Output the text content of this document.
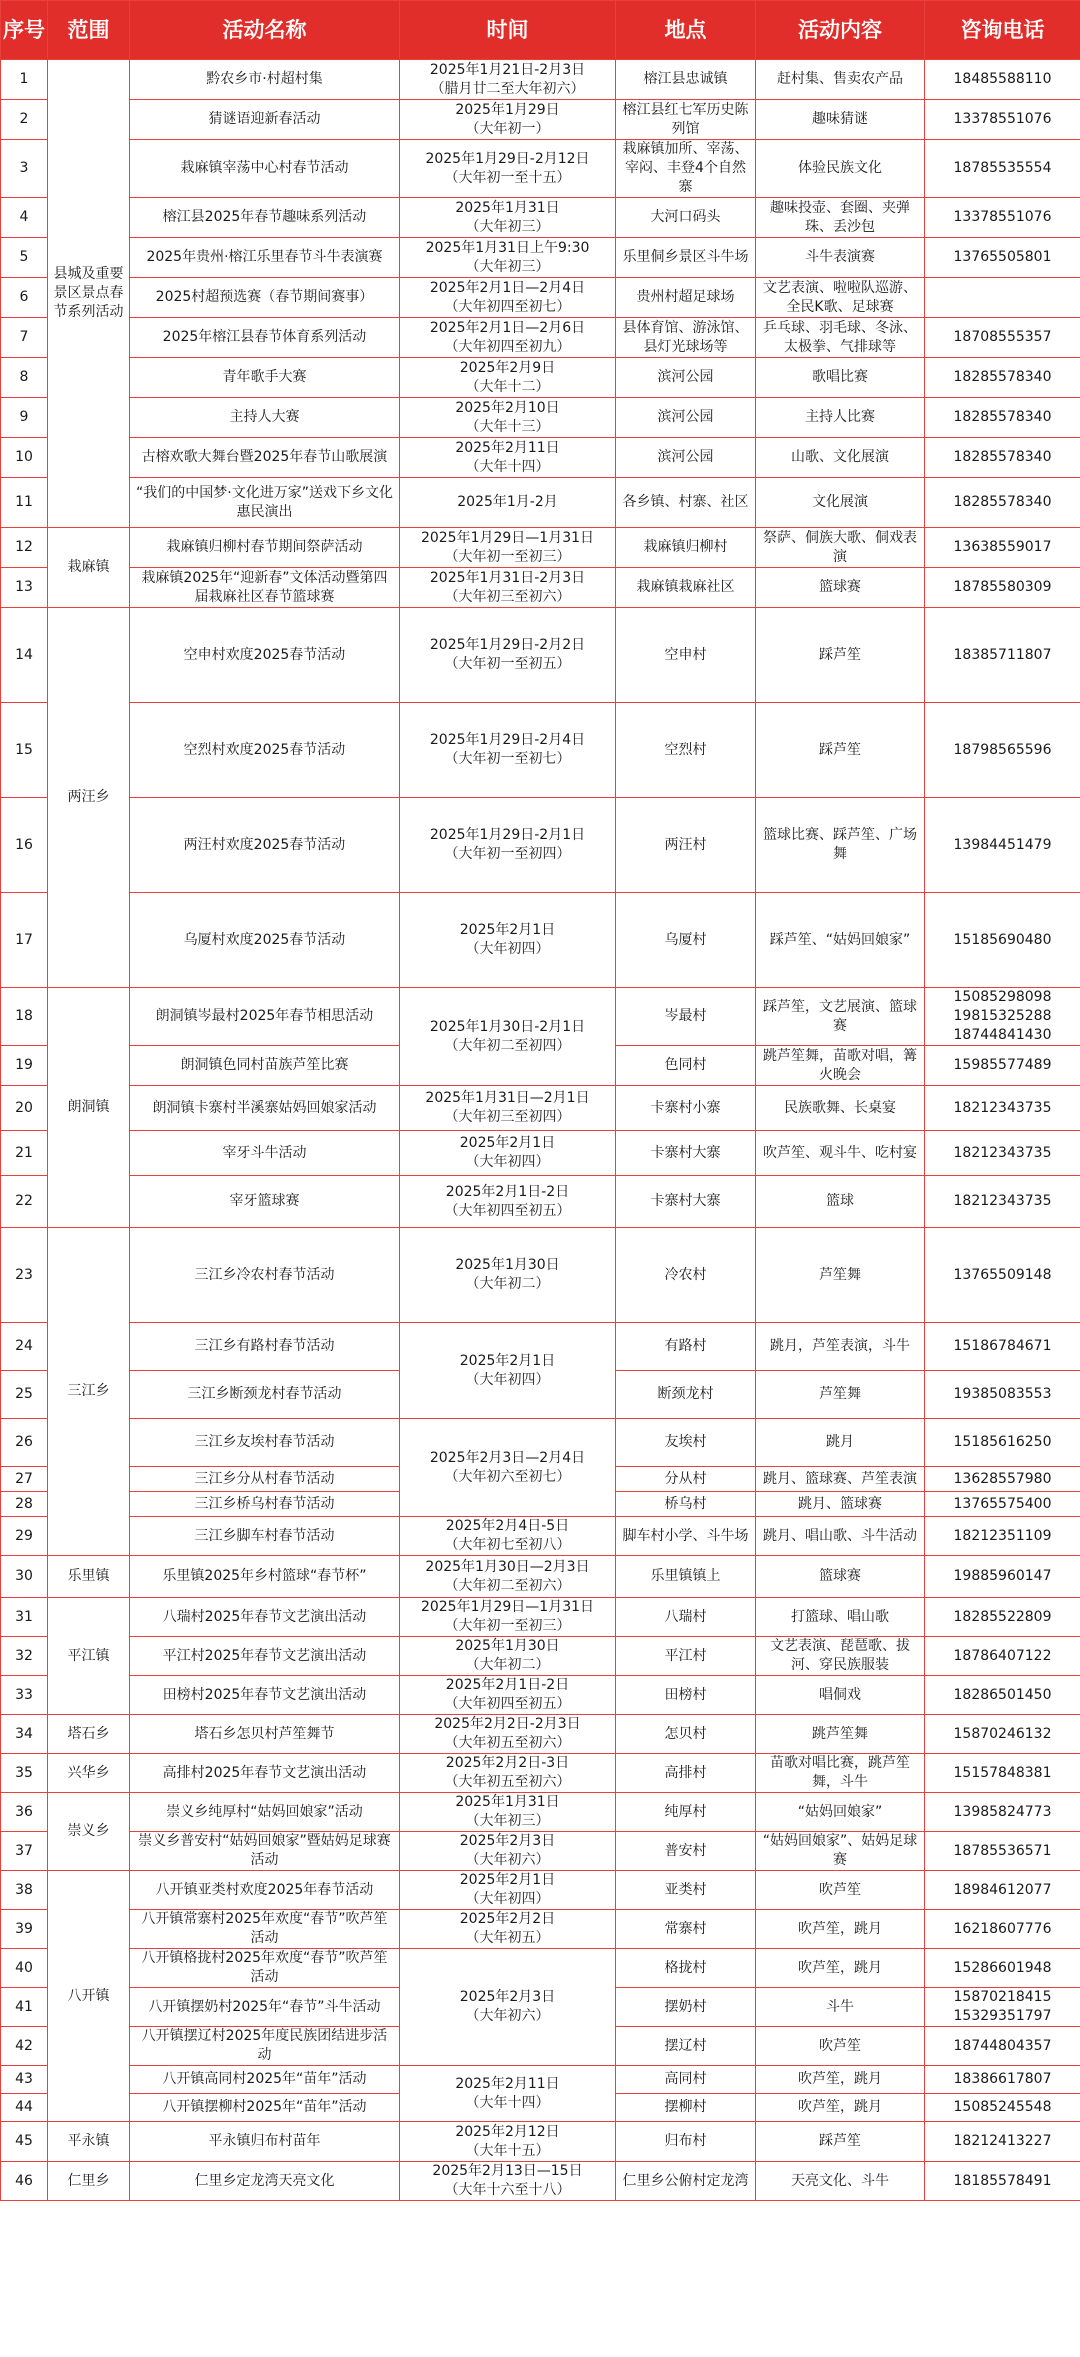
序号	范围	活动名称	时间	地点	活动内容	咨询电话
1	县城及重要景区景点春节系列活动	黔农乡市·村超村集	2025年1月21日-2月3日
（腊月廿二至大年初六）	榕江县忠诚镇	赶村集、售卖农产品	18485588110
2		猜谜语迎新春活动	2025年1月29日
（大年初一）	榕江县红七军历史陈列馆	趣味猜谜	13378551076
3		栽麻镇宰荡中心村春节活动	2025年1月29日-2月12日
（大年初一至十五）	栽麻镇加所、宰荡、宰闷、丰登4个自然寨	体验民族文化	18785535554
4		榕江县2025年春节趣味系列活动	2025年1月31日
（大年初三）	大河口码头	趣味投壶、套圈、夹弹珠、丢沙包	13378551076
5		2025年贵州·榕江乐里春节斗牛表演赛	2025年1月31日上午9:30
（大年初三）	乐里侗乡景区斗牛场	斗牛表演赛	13765505801
6		2025村超预选赛（春节期间赛事）	2025年2月1日—2月4日
（大年初四至初七）	贵州村超足球场	文艺表演、啦啦队巡游、全民K歌、足球赛	
7		2025年榕江县春节体育系列活动	2025年2月1日—2月6日
（大年初四至初九）	县体育馆、游泳馆、县灯光球场等	乒乓球、羽毛球、冬泳、太极拳、气排球等	18708555357
8		青年歌手大赛	2025年2月9日
（大年十二）	滨河公园	歌唱比赛	18285578340
9		主持人大赛	2025年2月10日
（大年十三）	滨河公园	主持人比赛	18285578340
10		古榕欢歌大舞台暨2025年春节山歌展演	2025年2月11日
（大年十四）	滨河公园	山歌、文化展演	18285578340
11		“我们的中国梦·文化进万家”送戏下乡文化惠民演出	2025年1月-2月	各乡镇、村寨、社区	文化展演	18285578340
12	栽麻镇	栽麻镇归柳村春节期间祭萨活动	2025年1月29日—1月31日
（大年初一至初三）	栽麻镇归柳村	祭萨、侗族大歌、侗戏表演	13638559017
13		栽麻镇2025年“迎新春”文体活动暨第四届栽麻社区春节篮球赛	2025年1月31日-2月3日
（大年初三至初六）	栽麻镇栽麻社区	篮球赛	18785580309
14	两汪乡	空申村欢度2025春节活动	2025年1月29日-2月2日
（大年初一至初五）	空申村	踩芦笙	18385711807
15		空烈村欢度2025春节活动	2025年1月29日-2月4日
（大年初一至初七）	空烈村	踩芦笙	18798565596
16		两汪村欢度2025春节活动	2025年1月29日-2月1日
（大年初一至初四）	两汪村	篮球比赛、踩芦笙、广场舞	13984451479
17		乌厦村欢度2025春节活动	2025年2月1日
（大年初四）	乌厦村	踩芦笙、“姑妈回娘家”	15185690480
18	朗洞镇	朗洞镇岑最村2025年春节相思活动	2025年1月30日-2月1日
（大年初二至初四）	岑最村	踩芦笙，文艺展演、篮球赛	15085298098
19815325288
18744841430
19		朗洞镇色同村苗族芦笙比赛		色同村	跳芦笙舞，苗歌对唱，篝火晚会	15985577489
20		朗洞镇卡寨村半溪寨姑妈回娘家活动	2025年1月31日—2月1日
（大年初三至初四）	卡寨村小寨	民族歌舞、长桌宴	18212343735
21		宰牙斗牛活动	2025年2月1日
（大年初四）	卡寨村大寨	吹芦笙、观斗牛、吃村宴	18212343735
22		宰牙篮球赛	2025年2月1日-2日
（大年初四至初五）	卡寨村大寨	篮球	18212343735
23	三江乡	三江乡冷农村春节活动	2025年1月30日
（大年初二）	冷农村	芦笙舞	13765509148
24		三江乡有路村春节活动	2025年2月1日
（大年初四）	有路村	跳月，芦笙表演，斗牛	15186784671
25		三江乡断颈龙村春节活动		断颈龙村	芦笙舞	19385083553
26		三江乡友埃村春节活动	2025年2月3日—2月4日
（大年初六至初七）	友埃村	跳月	15185616250
27		三江乡分从村春节活动		分从村	跳月、篮球赛、芦笙表演	13628557980
28		三江乡桥乌村春节活动		桥乌村	跳月、篮球赛	13765575400
29		三江乡脚车村春节活动	2025年2月4日-5日
（大年初七至初八）	脚车村小学、斗牛场	跳月、唱山歌、斗牛活动	18212351109
30	乐里镇	乐里镇2025年乡村篮球“春节杯”	2025年1月30日—2月3日
（大年初二至初六）	乐里镇镇上	篮球赛	19885960147
31	平江镇	八瑞村2025年春节文艺演出活动	2025年1月29日—1月31日
（大年初一至初三）	八瑞村	打篮球、唱山歌	18285522809
32		平江村2025年春节文艺演出活动	2025年1月30日
（大年初二）	平江村	文艺表演、琵琶歌、拔河、穿民族服装	18786407122
33		田榜村2025年春节文艺演出活动	2025年2月1日-2日
（大年初四至初五）	田榜村	唱侗戏	18286501450
34	塔石乡	塔石乡怎贝村芦笙舞节	2025年2月2日-2月3日
（大年初五至初六）	怎贝村	跳芦笙舞	15870246132
35	兴华乡	高排村2025年春节文艺演出活动	2025年2月2日-3日
（大年初五至初六）	高排村	苗歌对唱比赛，跳芦笙舞，斗牛	15157848381
36	崇义乡	崇义乡纯厚村“姑妈回娘家”活动	2025年1月31日
（大年初三）	纯厚村	“姑妈回娘家”	13985824773
37		崇义乡普安村“姑妈回娘家”暨姑妈足球赛活动	2025年2月3日
（大年初六）	普安村	“姑妈回娘家”、姑妈足球赛	18785536571
38	八开镇	八开镇亚类村欢度2025年春节活动	2025年2月1日
（大年初四）	亚类村	吹芦笙	18984612077
39		八开镇常寨村2025年欢度“春节”吹芦笙活动	2025年2月2日
（大年初五）	常寨村	吹芦笙，跳月	16218607776
40		八开镇格拢村2025年欢度“春节”吹芦笙活动	2025年2月3日
（大年初六）	格拢村	吹芦笙，跳月	15286601948
41		八开镇摆奶村2025年“春节”斗牛活动		摆奶村	斗牛	15870218415
15329351797
42		八开镇摆辽村2025年度民族团结进步活动		摆辽村	吹芦笙	18744804357
43		八开镇高同村2025年“苗年”活动	2025年2月11日
（大年十四）	高同村	吹芦笙，跳月	18386617807
44		八开镇摆柳村2025年“苗年”活动		摆柳村	吹芦笙，跳月	15085245548
45	平永镇	平永镇归布村苗年	2025年2月12日
（大年十五）	归布村	踩芦笙	18212413227
46	仁里乡	仁里乡定龙湾天亮文化	2025年2月13日—15日
（大年十六至十八）	仁里乡公俯村定龙湾	天亮文化、斗牛	18185578491
